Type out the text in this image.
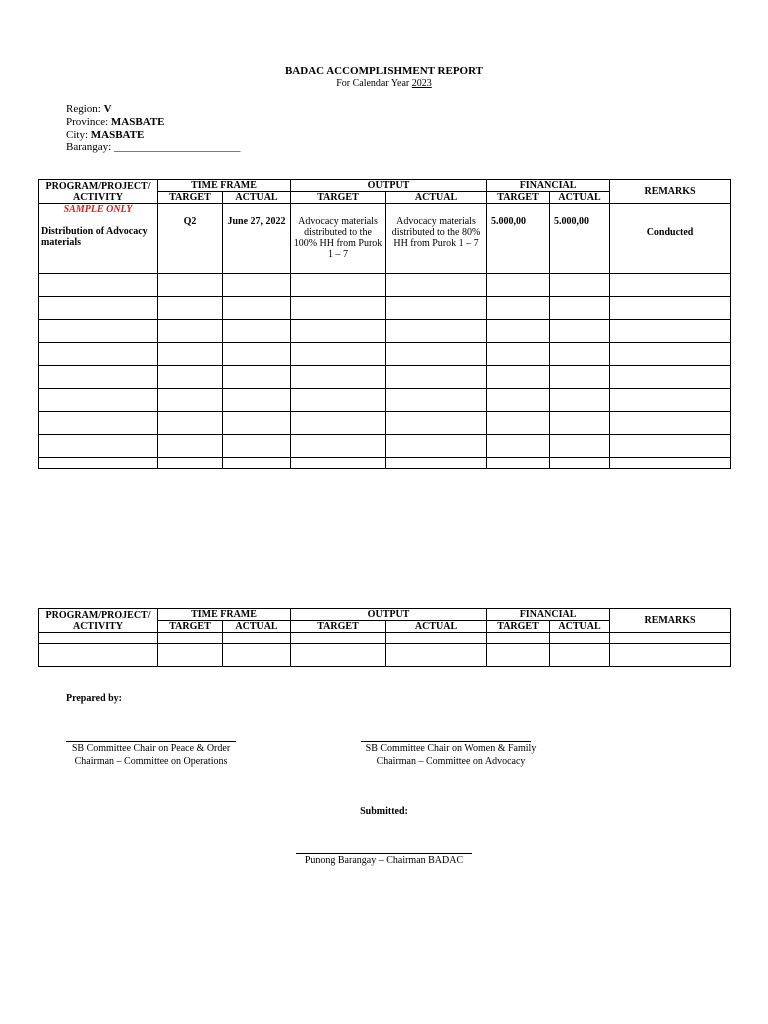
BADAC ACCOMPLISHMENT REPORT
For Calendar Year 2023
Region: V
Province: MASBATE
City: MASBATE
Barangay: _______________________
PROGRAM/PROJECT/ ACTIVITY	TIME FRAME		OUTPUT		FINANCIAL		REMARKS
	TARGET	ACTUAL	TARGET	ACTUAL	TARGET	ACTUAL	

SAMPLE ONLY
Distribution of Advocacy materials	Q2	June 27, 2022	Advocacy materials distributed to the 100% HH from Purok 1 – 7	Advocacy materials distributed to the 80% HH from Purok 1 – 7	5.000,00	5.000,00	Conducted

PROGRAM/PROJECT/ ACTIVITY	TIME FRAME		OUTPUT		FINANCIAL		REMARKS
	TARGET	ACTUAL	TARGET	ACTUAL	TARGET	ACTUAL	

Prepared by:
SB Committee Chair on Peace & Order
Chairman – Committee on Operations
SB Committee Chair on Women & Family
Chairman – Committee on Advocacy
Submitted:
Punong Barangay – Chairman BADAC
